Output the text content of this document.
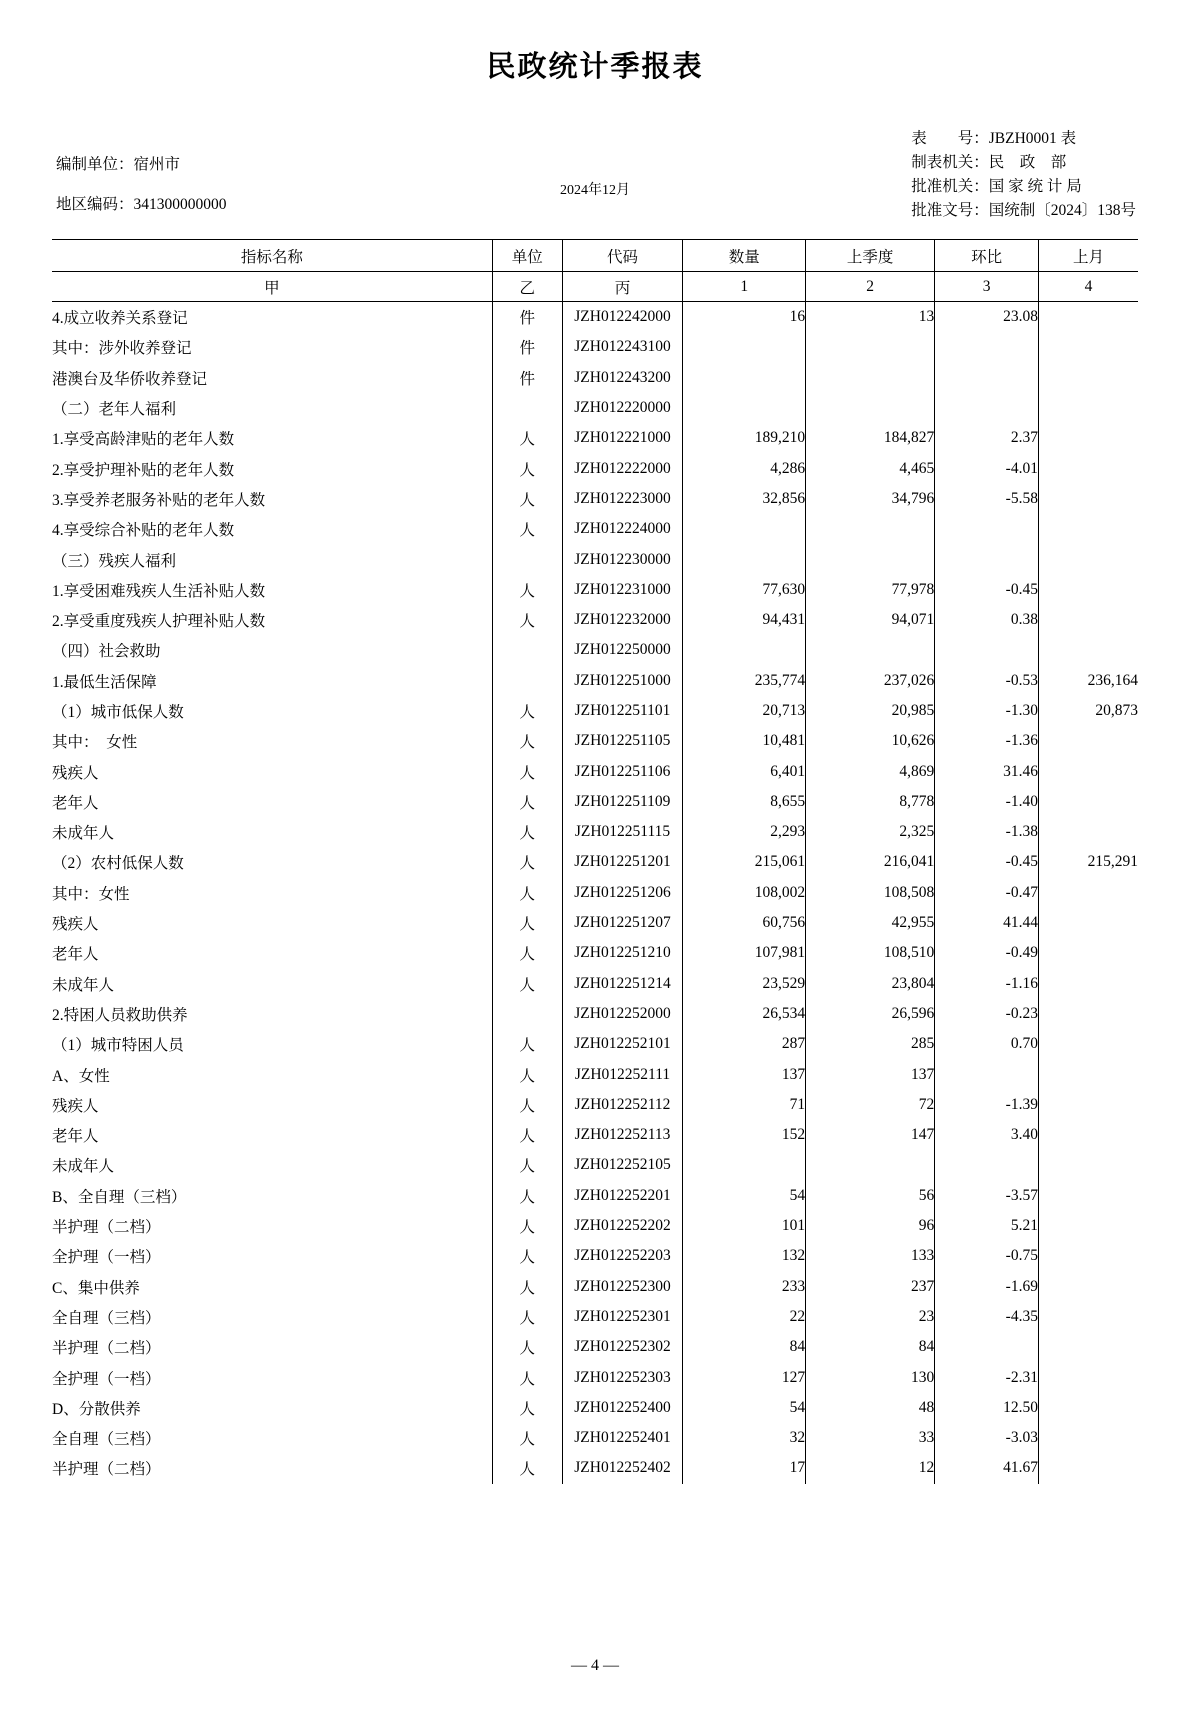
民政统计季报表
编制单位：宿州市
地区编码：341300000000
2024年12月
表　　号：JBZH0001 表
制表机关：民　政　部
批准机关：国 家 统 计 局
批准文号：国统制〔2024〕138号
指标名称	单位	代码	数量	上季度	环比	上月
甲	乙	丙	1	2	3	4
4.成立收养关系登记	件	JZH012242000	16	13	23.08	
其中：涉外收养登记	件	JZH012243100				
港澳台及华侨收养登记	件	JZH012243200				
（二）老年人福利		JZH012220000				
1.享受高龄津贴的老年人数	人	JZH012221000	189,210	184,827	2.37	
2.享受护理补贴的老年人数	人	JZH012222000	4,286	4,465	-4.01	
3.享受养老服务补贴的老年人数	人	JZH012223000	32,856	34,796	-5.58	
4.享受综合补贴的老年人数	人	JZH012224000				
（三）残疾人福利		JZH012230000				
1.享受困难残疾人生活补贴人数	人	JZH012231000	77,630	77,978	-0.45	
2.享受重度残疾人护理补贴人数	人	JZH012232000	94,431	94,071	0.38	
（四）社会救助		JZH012250000				
1.最低生活保障		JZH012251000	235,774	237,026	-0.53	236,164
（1）城市低保人数	人	JZH012251101	20,713	20,985	-1.30	20,873
其中：　女性	人	JZH012251105	10,481	10,626	-1.36	
残疾人	人	JZH012251106	6,401	4,869	31.46	
老年人	人	JZH012251109	8,655	8,778	-1.40	
未成年人	人	JZH012251115	2,293	2,325	-1.38	
（2）农村低保人数	人	JZH012251201	215,061	216,041	-0.45	215,291
其中：女性	人	JZH012251206	108,002	108,508	-0.47	
残疾人	人	JZH012251207	60,756	42,955	41.44	
老年人	人	JZH012251210	107,981	108,510	-0.49	
未成年人	人	JZH012251214	23,529	23,804	-1.16	
2.特困人员救助供养		JZH012252000	26,534	26,596	-0.23	
（1）城市特困人员	人	JZH012252101	287	285	0.70	
A、女性	人	JZH012252111	137	137		
残疾人	人	JZH012252112	71	72	-1.39	
老年人	人	JZH012252113	152	147	3.40	
未成年人	人	JZH012252105				
B、全自理（三档）	人	JZH012252201	54	56	-3.57	
半护理（二档）	人	JZH012252202	101	96	5.21	
全护理（一档）	人	JZH012252203	132	133	-0.75	
C、集中供养	人	JZH012252300	233	237	-1.69	
全自理（三档）	人	JZH012252301	22	23	-4.35	
半护理（二档）	人	JZH012252302	84	84		
全护理（一档）	人	JZH012252303	127	130	-2.31	
D、分散供养	人	JZH012252400	54	48	12.50	
全自理（三档）	人	JZH012252401	32	33	-3.03	
半护理（二档）	人	JZH012252402	17	12	41.67	
— 4 —
